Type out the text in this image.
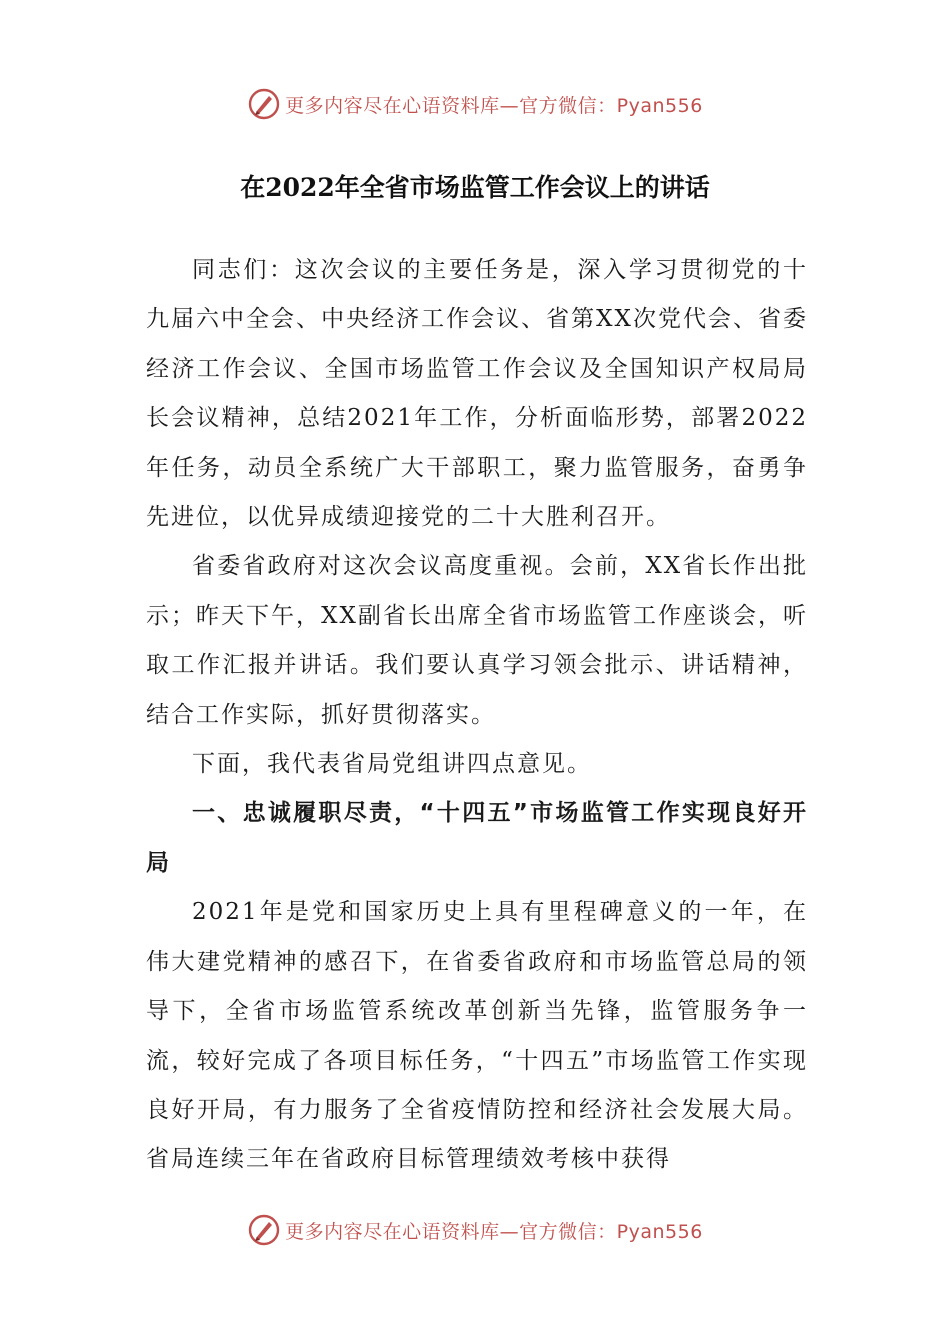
更多内容尽在心语资料库—官方微信：Pyan556
在2022年全省市场监管工作会议上的讲话

同志们：这次会议的主要任务是，深入学习贯彻党的十九届六中全会、中央经济工作会议、省第XX次党代会、省委经济工作会议、全国市场监管工作会议及全国知识产权局局长会议精神，总结2021年工作，分析面临形势，部署2022年任务，动员全系统广大干部职工，聚力监管服务，奋勇争先进位，以优异成绩迎接党的二十大胜利召开。

省委省政府对这次会议高度重视。会前，XX省长作出批示；昨天下午，XX副省长出席全省市场监管工作座谈会，听取工作汇报并讲话。我们要认真学习领会批示、讲话精神，结合工作实际，抓好贯彻落实。

下面，我代表省局党组讲四点意见。

一、忠诚履职尽责，“十四五”市场监管工作实现良好开局

2021年是党和国家历史上具有里程碑意义的一年，在伟大建党精神的感召下，在省委省政府和市场监管总局的领导下，全省市场监管系统改革创新当先锋，监管服务争一流，较好完成了各项目标任务，“十四五”市场监管工作实现良好开局，有力服务了全省疫情防控和经济社会发展大局。省局连续三年在省政府目标管理绩效考核中获得

更多内容尽在心语资料库—官方微信：Pyan556
